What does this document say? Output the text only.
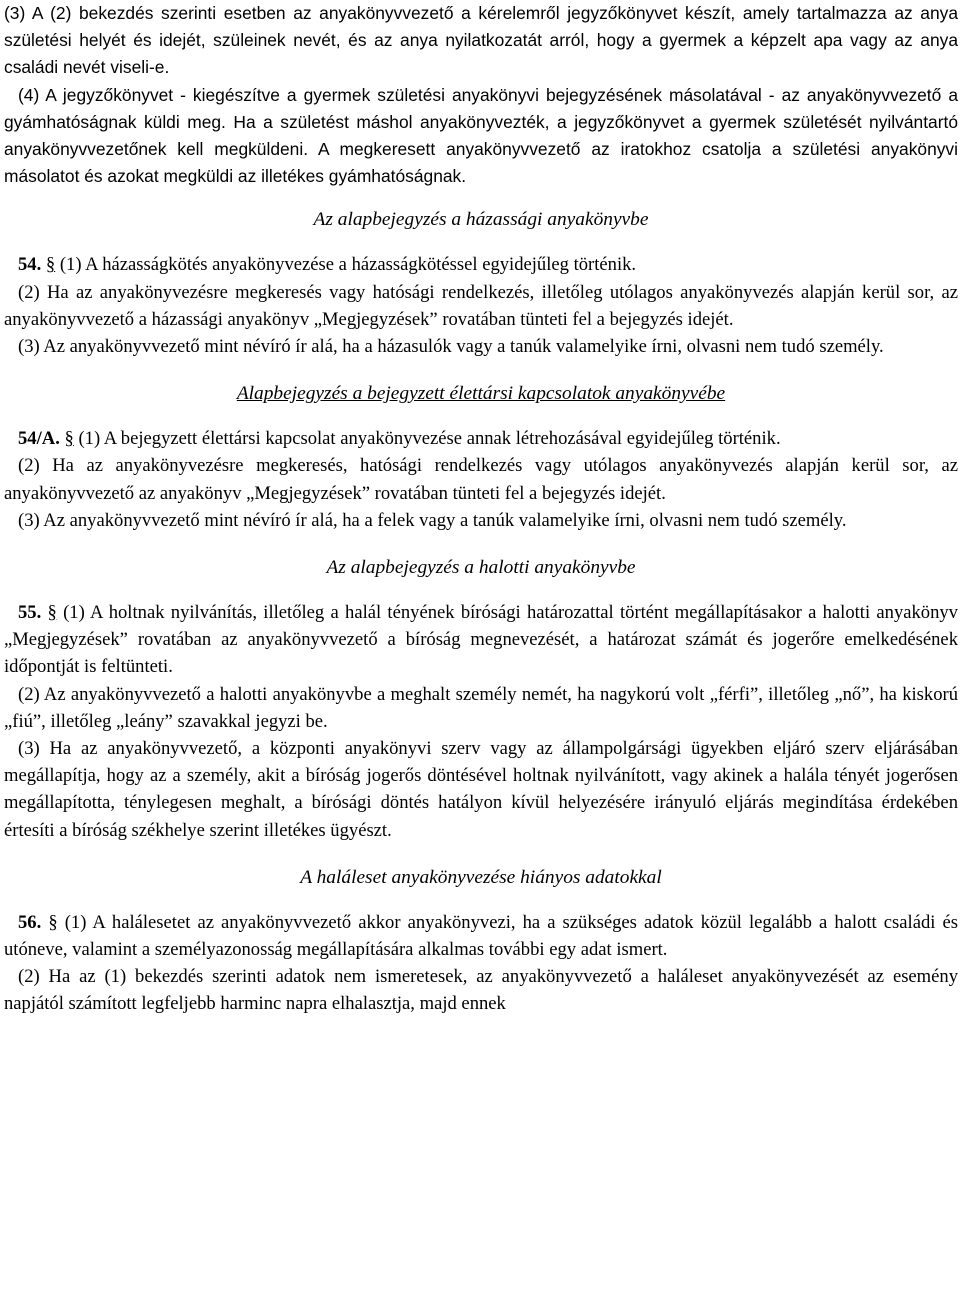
(3) A (2) bekezdés szerinti esetben az anyakönyvvezető a kérelemről jegyzőkönyvet készít, amely tartalmazza az anya születési helyét és idejét, szüleinek nevét, és az anya nyilatkozatát arról, hogy a gyermek a képzelt apa vagy az anya családi nevét viseli-e.

(4) A jegyzőkönyvet - kiegészítve a gyermek születési anyakönyvi bejegyzésének másolatával - az anyakönyvvezető a gyámhatóságnak küldi meg. Ha a születést máshol anyakönyvezték, a jegyzőkönyvet a gyermek születését nyilvántartó anyakönyvvezetőnek kell megküldeni. A megkeresett anyakönyvvezető az iratokhoz csatolja a születési anyakönyvi másolatot és azokat megküldi az illetékes gyámhatóságnak.

Az alapbejegyzés a házassági anyakönyvbe

54. § (1) A házasságkötés anyakönyvezése a házasságkötéssel egyidejűleg történik.

(2) Ha az anyakönyvezésre megkeresés vagy hatósági rendelkezés, illetőleg utólagos anyakönyvezés alapján kerül sor, az anyakönyvvezető a házassági anyakönyv „Megjegyzések” rovatában tünteti fel a bejegyzés idejét.

(3) Az anyakönyvvezető mint névíró ír alá, ha a házasulók vagy a tanúk valamelyike írni, olvasni nem tudó személy.

Alapbejegyzés a bejegyzett élettársi kapcsolatok anyakönyvébe

54/A. § (1) A bejegyzett élettársi kapcsolat anyakönyvezése annak létrehozásával egyidejűleg történik.

(2) Ha az anyakönyvezésre megkeresés, hatósági rendelkezés vagy utólagos anyakönyvezés alapján kerül sor, az anyakönyvvezető az anyakönyv „Megjegyzések” rovatában tünteti fel a bejegyzés idejét.

(3) Az anyakönyvvezető mint névíró ír alá, ha a felek vagy a tanúk valamelyike írni, olvasni nem tudó személy.

Az alapbejegyzés a halotti anyakönyvbe

55. § (1) A holtnak nyilvánítás, illetőleg a halál tényének bírósági határozattal történt megállapításakor a halotti anyakönyv „Megjegyzések” rovatában az anyakönyvvezető a bíróság megnevezését, a határozat számát és jogerőre emelkedésének időpontját is feltünteti.

(2) Az anyakönyvvezető a halotti anyakönyvbe a meghalt személy nemét, ha nagykorú volt „férfi”, illetőleg „nő”, ha kiskorú „fiú”, illetőleg „leány” szavakkal jegyzi be.

(3) Ha az anyakönyvvezető, a központi anyakönyvi szerv vagy az állampolgársági ügyekben eljáró szerv eljárásában megállapítja, hogy az a személy, akit a bíróság jogerős döntésével holtnak nyilvánított, vagy akinek a halála tényét jogerősen megállapította, ténylegesen meghalt, a bírósági döntés hatályon kívül helyezésére irányuló eljárás megindítása érdekében értesíti a bíróság székhelye szerint illetékes ügyészt.

A haláleset anyakönyvezése hiányos adatokkal

56. § (1) A halálesetet az anyakönyvvezető akkor anyakönyvezi, ha a szükséges adatok közül legalább a halott családi és utóneve, valamint a személyazonosság megállapítására alkalmas további egy adat ismert.

(2) Ha az (1) bekezdés szerinti adatok nem ismeretesek, az anyakönyvvezető a haláleset anyakönyvezését az esemény napjától számított legfeljebb harminc napra elhalasztja, majd ennek
